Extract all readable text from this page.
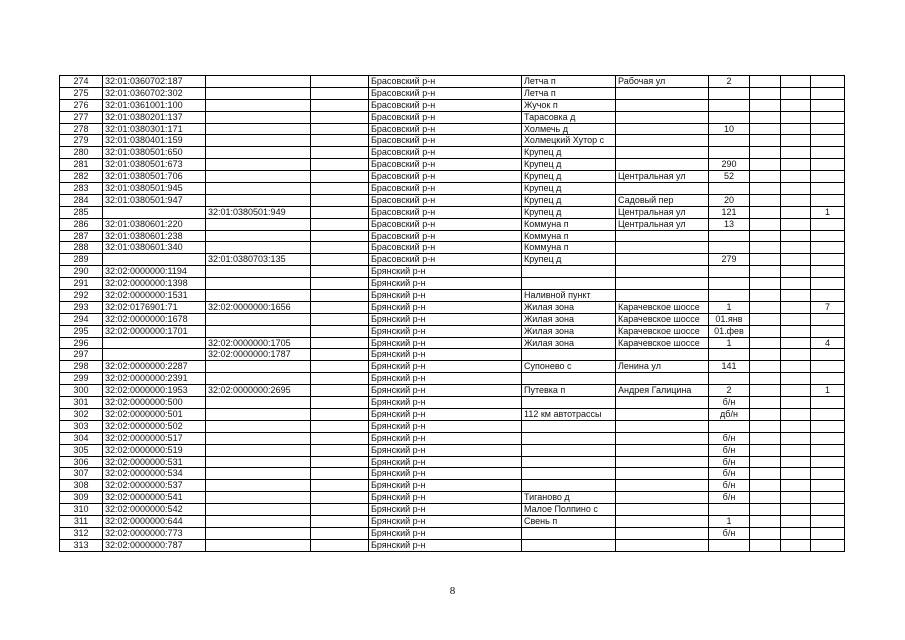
274	32:01:0360702:187			Брасовский р-н	Летча п	Рабочая ул	2			
275	32:01:0360702:302			Брасовский р-н	Летча п					
276	32:01:0361001:100			Брасовский р-н	Жучок п					
277	32:01:0380201:137			Брасовский р-н	Тарасовка д					
278	32:01:0380301:171			Брасовский р-н	Холмечь д		10			
279	32:01:0380401:159			Брасовский р-н	Холмецкий Хутор с					
280	32:01:0380501:650			Брасовский р-н	Крупец д					
281	32:01:0380501:673			Брасовский р-н	Крупец д		290			
282	32:01:0380501:706			Брасовский р-н	Крупец д	Центральная ул	52			
283	32:01:0380501:945			Брасовский р-н	Крупец д					
284	32:01:0380501:947			Брасовский р-н	Крупец д	Садовый пер	20			
285		32:01:0380501:949		Брасовский р-н	Крупец д	Центральная ул	121			1
286	32:01:0380601:220			Брасовский р-н	Коммуна п	Центральная ул	13			
287	32:01:0380601:238			Брасовский р-н	Коммуна п					
288	32:01:0380601:340			Брасовский р-н	Коммуна п					
289		32:01:0380703:135		Брасовский р-н	Крупец д		279			
290	32:02:0000000:1194			Брянский р-н						
291	32:02:0000000:1398			Брянский р-н						
292	32:02:0000000:1531			Брянский р-н	Наливной пункт					
293	32:02:0176901:71	32:02:0000000:1656		Брянский р-н	Жилая зона	Карачевское шоссе	1			7
294	32:02:0000000:1678			Брянский р-н	Жилая зона	Карачевское шоссе	01.янв			
295	32:02:0000000:1701			Брянский р-н	Жилая зона	Карачевское шоссе	01.фев			
296		32:02:0000000:1705		Брянский р-н	Жилая зона	Карачевское шоссе	1			4
297		32:02:0000000:1787		Брянский р-н						
298	32:02:0000000:2287			Брянский р-н	Супонево с	Ленина ул	141			
299	32:02:0000000:2391			Брянский р-н						
300	32:02:0000000:1953	32:02:0000000:2695		Брянский р-н	Путевка п	Андрея Галицина	2			1
301	32:02:0000000:500			Брянский р-н			б/н			
302	32:02:0000000:501			Брянский р-н	112 км автотрассы		дб/н			
303	32:02:0000000:502			Брянский р-н						
304	32:02:0000000:517			Брянский р-н			б/н			
305	32:02:0000000:519			Брянский р-н			б/н			
306	32:02:0000000:531			Брянский р-н			б/н			
307	32:02:0000000:534			Брянский р-н			б/н			
308	32:02:0000000:537			Брянский р-н			б/н			
309	32:02:0000000:541			Брянский р-н	Тиганово д		б/н			
310	32:02:0000000:542			Брянский р-н	Малое Полпино с					
311	32:02:0000000:644			Брянский р-н	Свень п		1			
312	32:02:0000000:773			Брянский р-н			б/н			
313	32:02:0000000:787			Брянский р-н						
8
